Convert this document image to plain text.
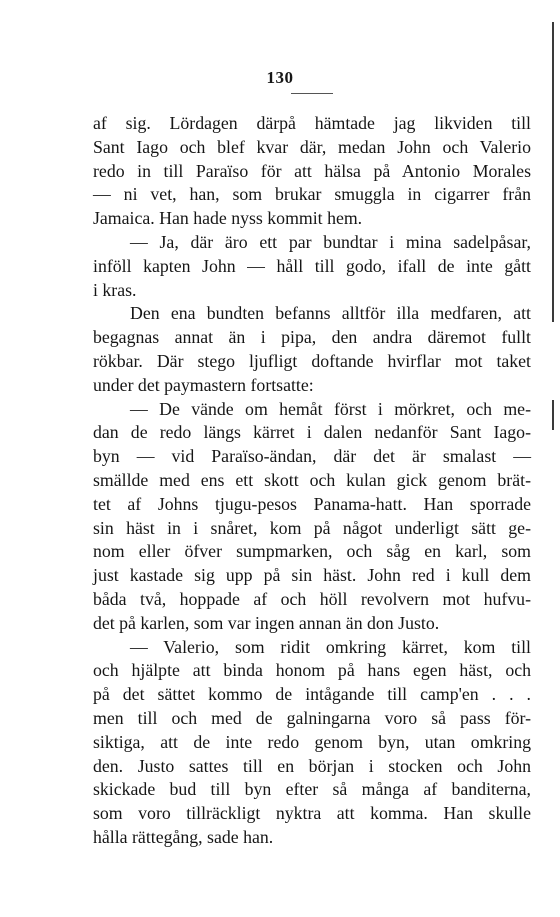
130
af sig. Lördagen därpå hämtade jag likviden till
Sant Iago och blef kvar där, medan John och Valerio
redo in till Paraïso för att hälsa på Antonio Morales
— ni vet, han, som brukar smuggla in cigarrer från
Jamaica. Han hade nyss kommit hem.
— Ja, där äro ett par bundtar i mina sadelpåsar,
inföll kapten John — håll till godo, ifall de inte gått
i kras.
Den ena bundten befanns alltför illa medfaren, att
begagnas annat än i pipa, den andra däremot fullt
rökbar. Där stego ljufligt doftande hvirflar mot taket
under det paymastern fortsatte:
— De vände om hemåt först i mörkret, och me-
dan de redo längs kärret i dalen nedanför Sant Iago-
byn — vid Paraïso-ändan, där det är smalast —
smällde med ens ett skott och kulan gick genom brät-
tet af Johns tjugu-pesos Panama-hatt. Han sporrade
sin häst in i snåret, kom på något underligt sätt ge-
nom eller öfver sumpmarken, och såg en karl, som
just kastade sig upp på sin häst. John red i kull dem
båda två, hoppade af och höll revolvern mot hufvu-
det på karlen, som var ingen annan än don Justo.
— Valerio, som ridit omkring kärret, kom till
och hjälpte att binda honom på hans egen häst, och
på det sättet kommo de intågande till camp'en . . .
men till och med de galningarna voro så pass för-
siktiga, att de inte redo genom byn, utan omkring
den. Justo sattes till en början i stocken och John
skickade bud till byn efter så många af banditerna,
som voro tillräckligt nyktra att komma. Han skulle
hålla rättegång, sade han.
